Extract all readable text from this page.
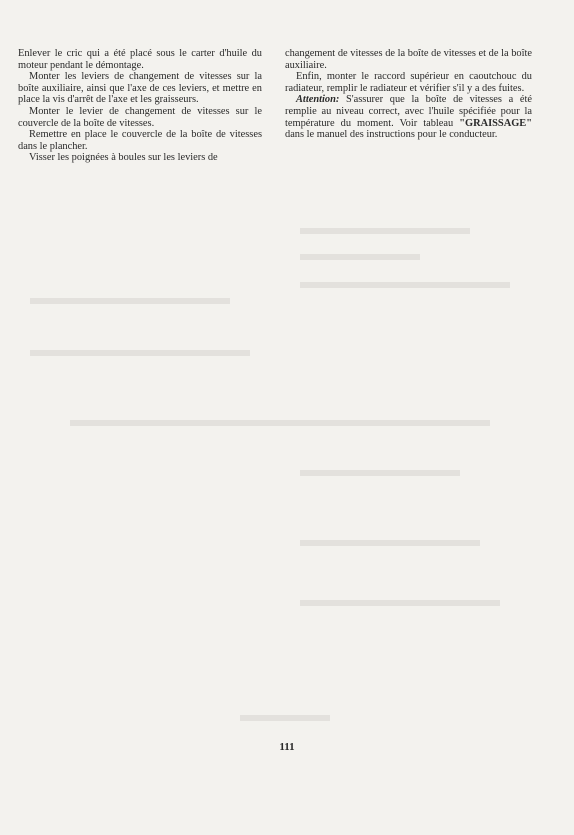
Enlever le cric qui a été placé sous le carter d'huile du moteur pendant le démontage.

Monter les leviers de changement de vitesses sur la boîte auxiliaire, ainsi que l'axe de ces leviers, et mettre en place la vis d'arrêt de l'axe et les graisseurs.

Monter le levier de changement de vitesses sur le couvercle de la boîte de vitesses.

Remettre en place le couvercle de la boîte de vitesses dans le plancher.

Visser les poignées à boules sur les leviers de

changement de vitesses de la boîte de vitesses et de la boîte auxiliaire.

Enfin, monter le raccord supérieur en caoutchouc du radiateur, remplir le radiateur et vérifier s'il y a des fuites.

Attention: S'assurer que la boîte de vitesses a été remplie au niveau correct, avec l'huile spécifiée pour la température du moment. Voir tableau "GRAISSAGE" dans le manuel des instructions pour le conducteur.

111
